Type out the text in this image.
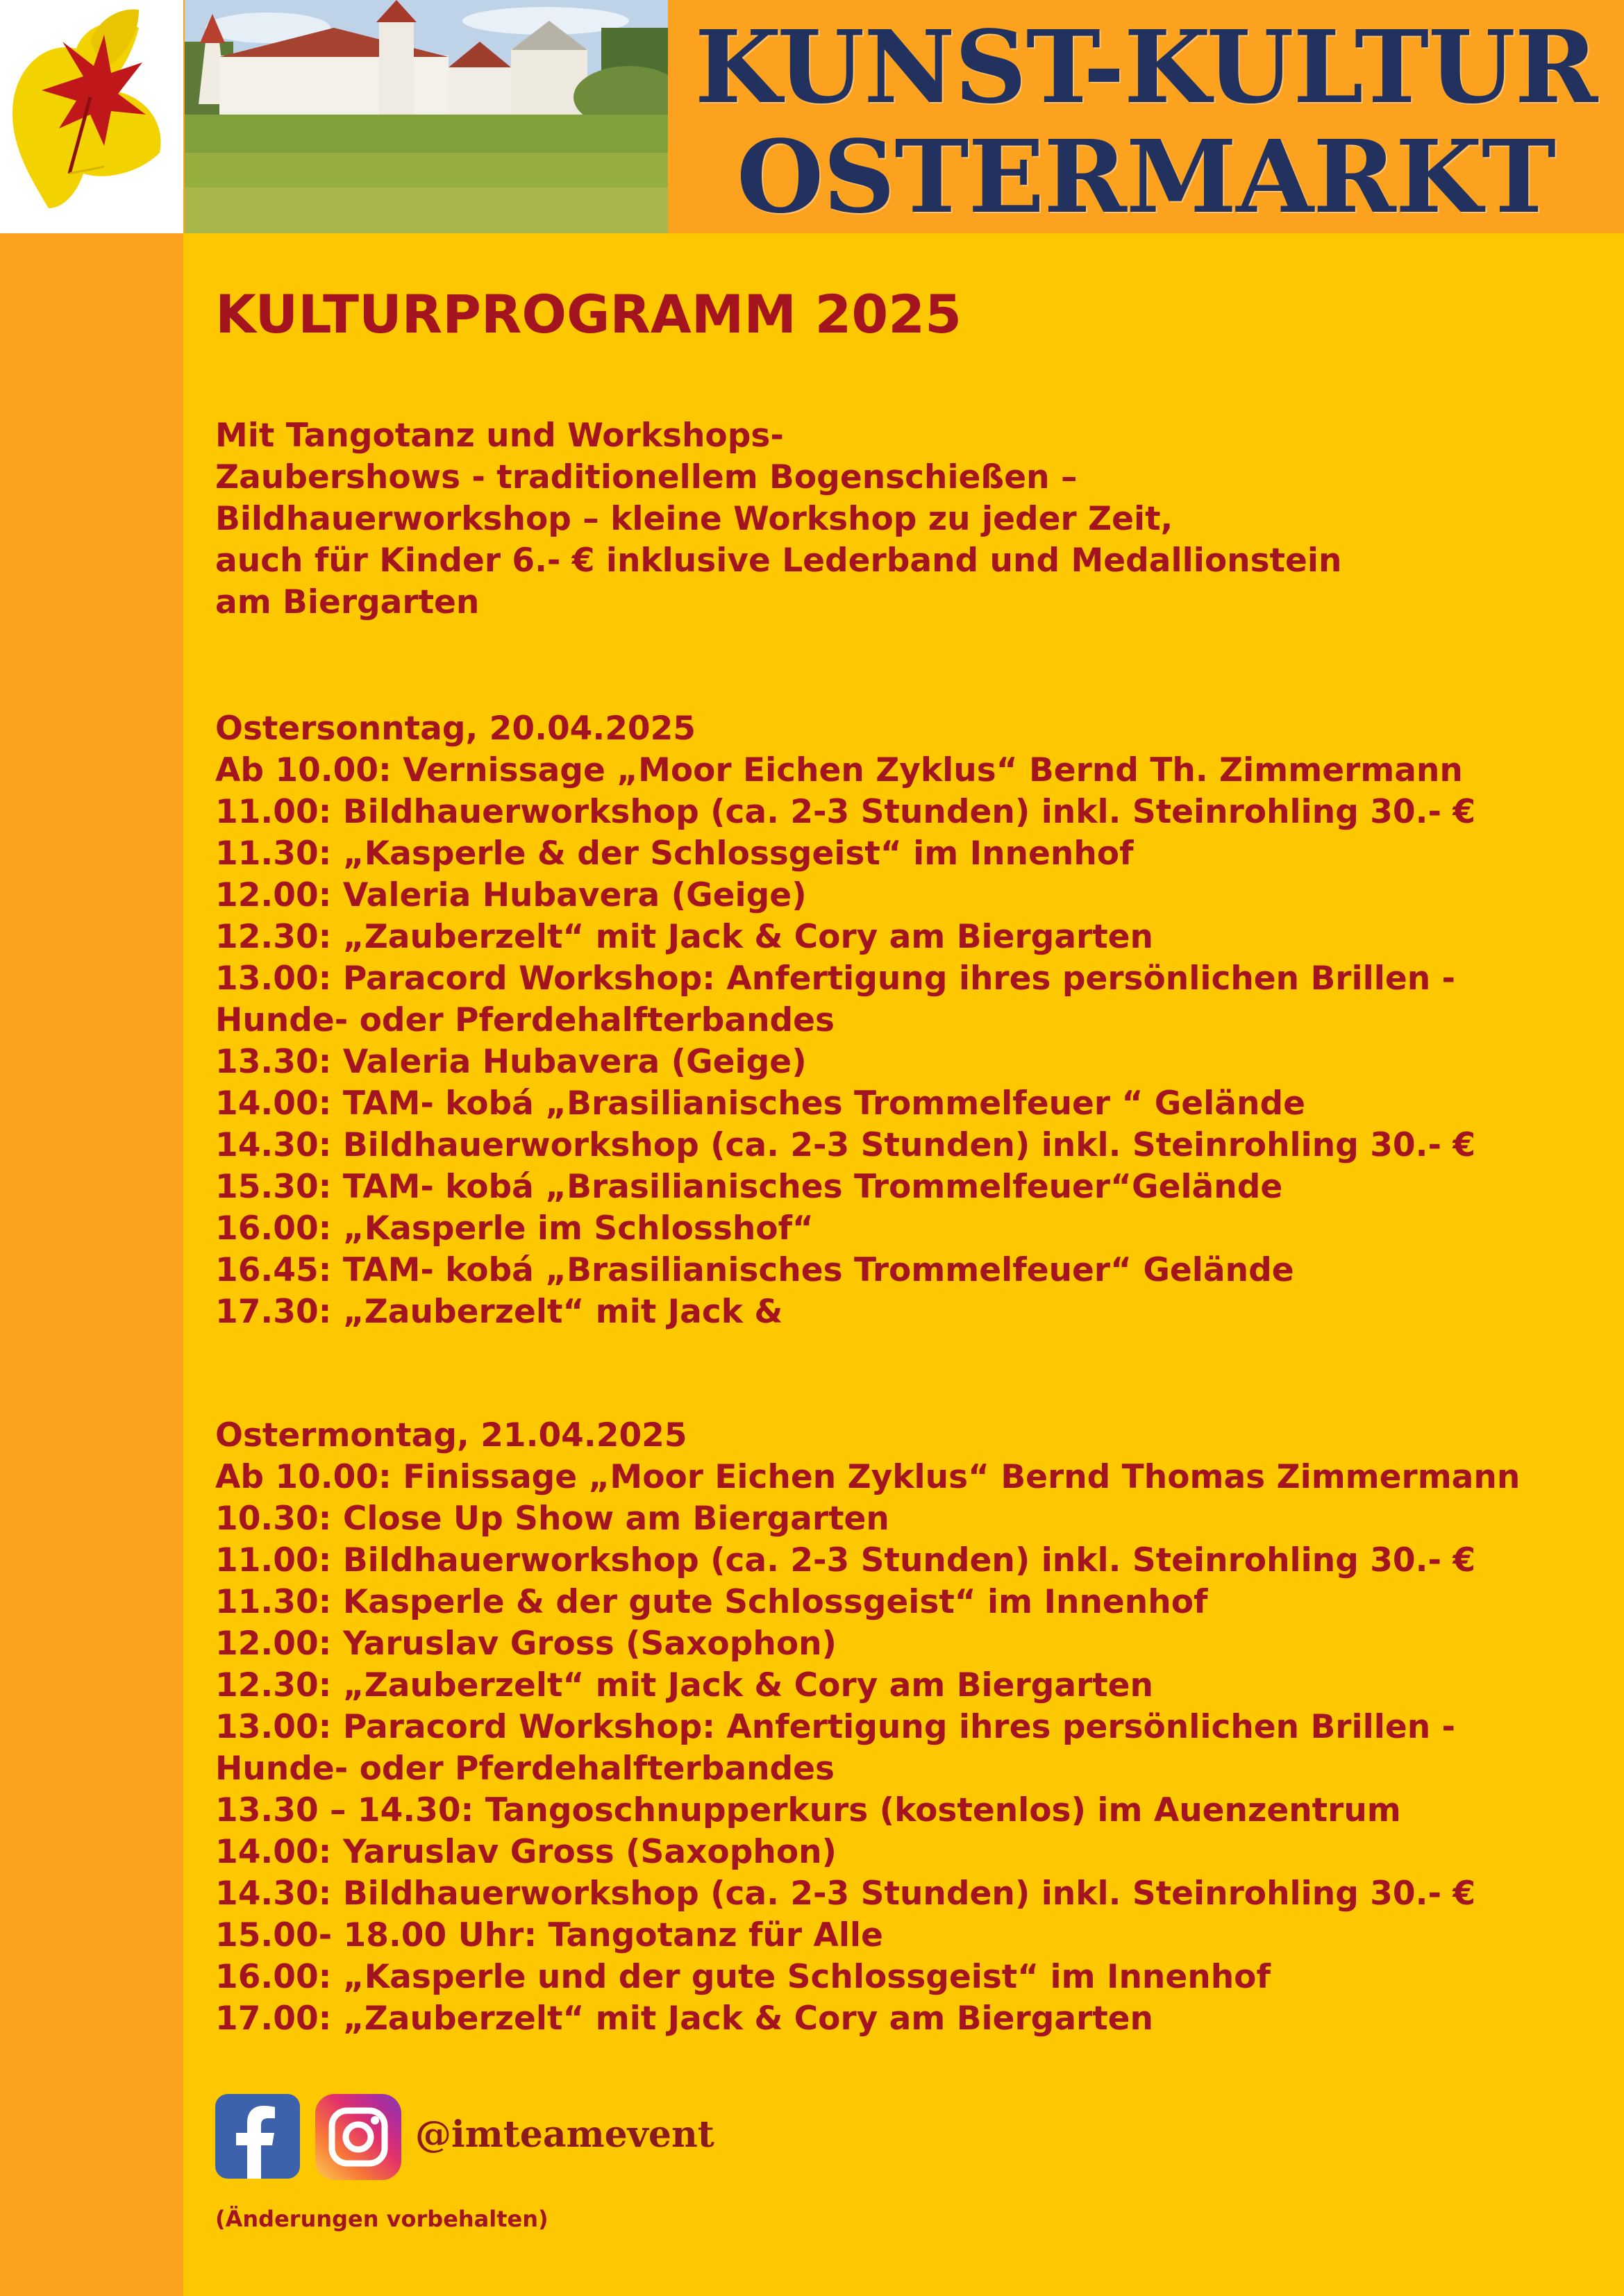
KUNST-KULTUR
OSTERMARKT
KULTURPROGRAMM 2025
Mit Tangotanz und Workshops-
Zaubershows - traditionellem Bogenschießen –
Bildhauerworkshop – kleine Workshop zu jeder Zeit,
auch für Kinder 6.- € inklusive Lederband und Medallionstein
am Biergarten
Ostersonntag, 20.04.2025
Ab 10.00: Vernissage „Moor Eichen Zyklus“ Bernd Th. Zimmermann
11.00: Bildhauerworkshop (ca. 2-3 Stunden) inkl. Steinrohling 30.- €
11.30: „Kasperle & der Schlossgeist“ im Innenhof
12.00: Valeria Hubavera (Geige)
12.30: „Zauberzelt“ mit Jack & Cory am Biergarten
13.00: Paracord Workshop: Anfertigung ihres persönlichen Brillen -
Hunde- oder Pferdehalfterbandes
13.30: Valeria Hubavera (Geige)
14.00: TAM- kobá „Brasilianisches Trommelfeuer “ Gelände
14.30: Bildhauerworkshop (ca. 2-3 Stunden) inkl. Steinrohling 30.- €
15.30: TAM- kobá „Brasilianisches Trommelfeuer“Gelände
16.00: „Kasperle im Schlosshof“
16.45: TAM- kobá „Brasilianisches Trommelfeuer“ Gelände
17.30: „Zauberzelt“ mit Jack &
Ostermontag, 21.04.2025
Ab 10.00: Finissage „Moor Eichen Zyklus“ Bernd Thomas Zimmermann
10.30: Close Up Show am Biergarten
11.00: Bildhauerworkshop (ca. 2-3 Stunden) inkl. Steinrohling 30.- €
11.30: Kasperle & der gute Schlossgeist“ im Innenhof
12.00: Yaruslav Gross (Saxophon)
12.30: „Zauberzelt“ mit Jack & Cory am Biergarten
13.00: Paracord Workshop: Anfertigung ihres persönlichen Brillen -
Hunde- oder Pferdehalfterbandes
13.30 – 14.30: Tangoschnupperkurs (kostenlos) im Auenzentrum
14.00: Yaruslav Gross (Saxophon)
14.30: Bildhauerworkshop (ca. 2-3 Stunden) inkl. Steinrohling 30.- €
15.00- 18.00 Uhr: Tangotanz für Alle
16.00: „Kasperle und der gute Schlossgeist“ im Innenhof
17.00: „Zauberzelt“ mit Jack & Cory am Biergarten
@imteamevent
(Änderungen vorbehalten)
